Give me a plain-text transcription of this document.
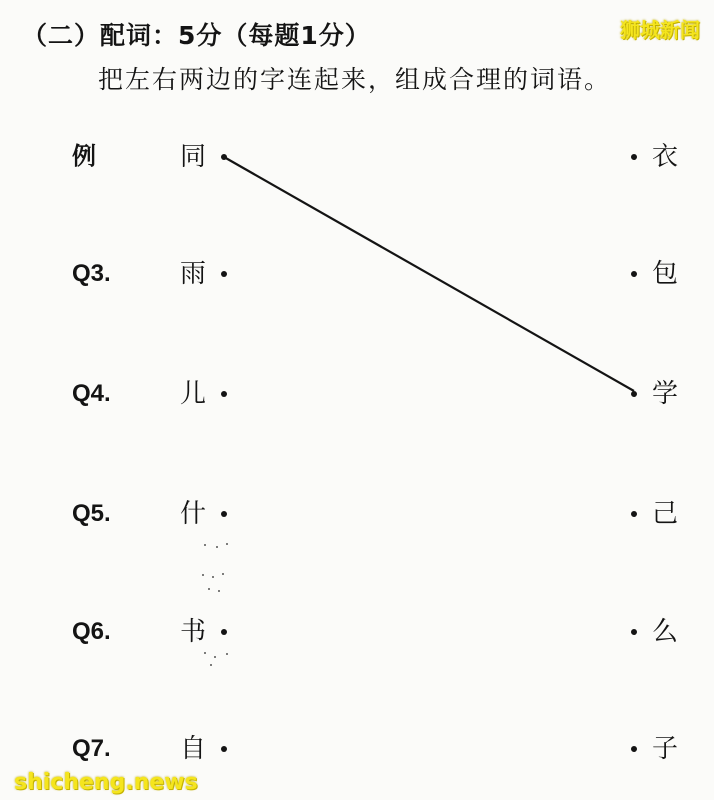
（二）配词：5分（每题1分）
把左右两边的字连起来，组成合理的词语。
狮城新闻
例	同	衣
Q3.	雨	包
Q4.	儿	学
Q5.	什	己
Q6.	书	么
Q7.	自	子
shicheng.news
